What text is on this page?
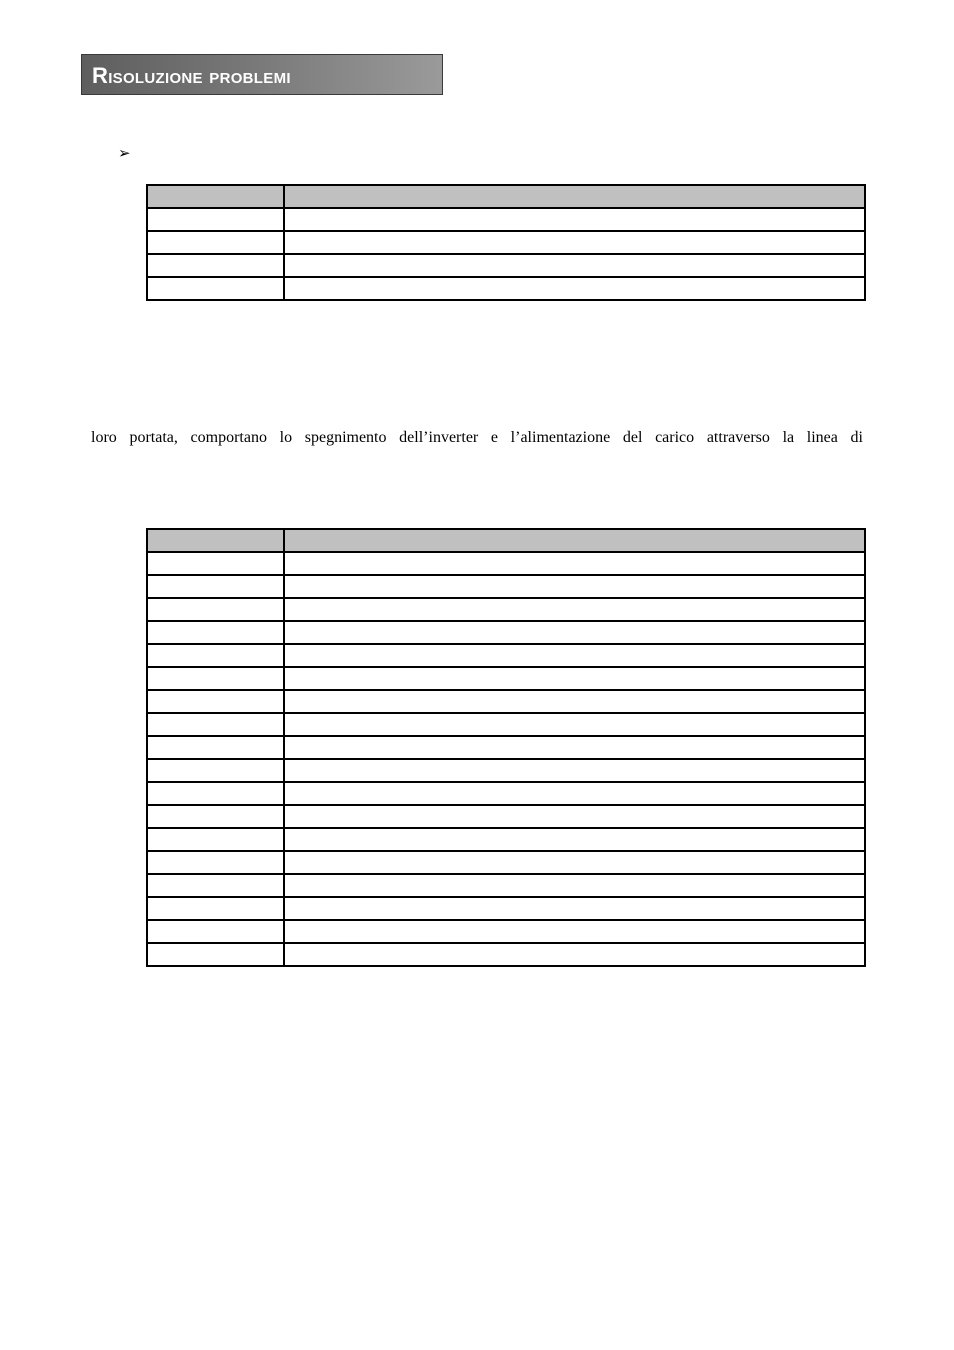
Risoluzione problemi
➢

loro portata, comportano lo spegnimento dell’inverter e l’alimentazione del carico attraverso la linea di
